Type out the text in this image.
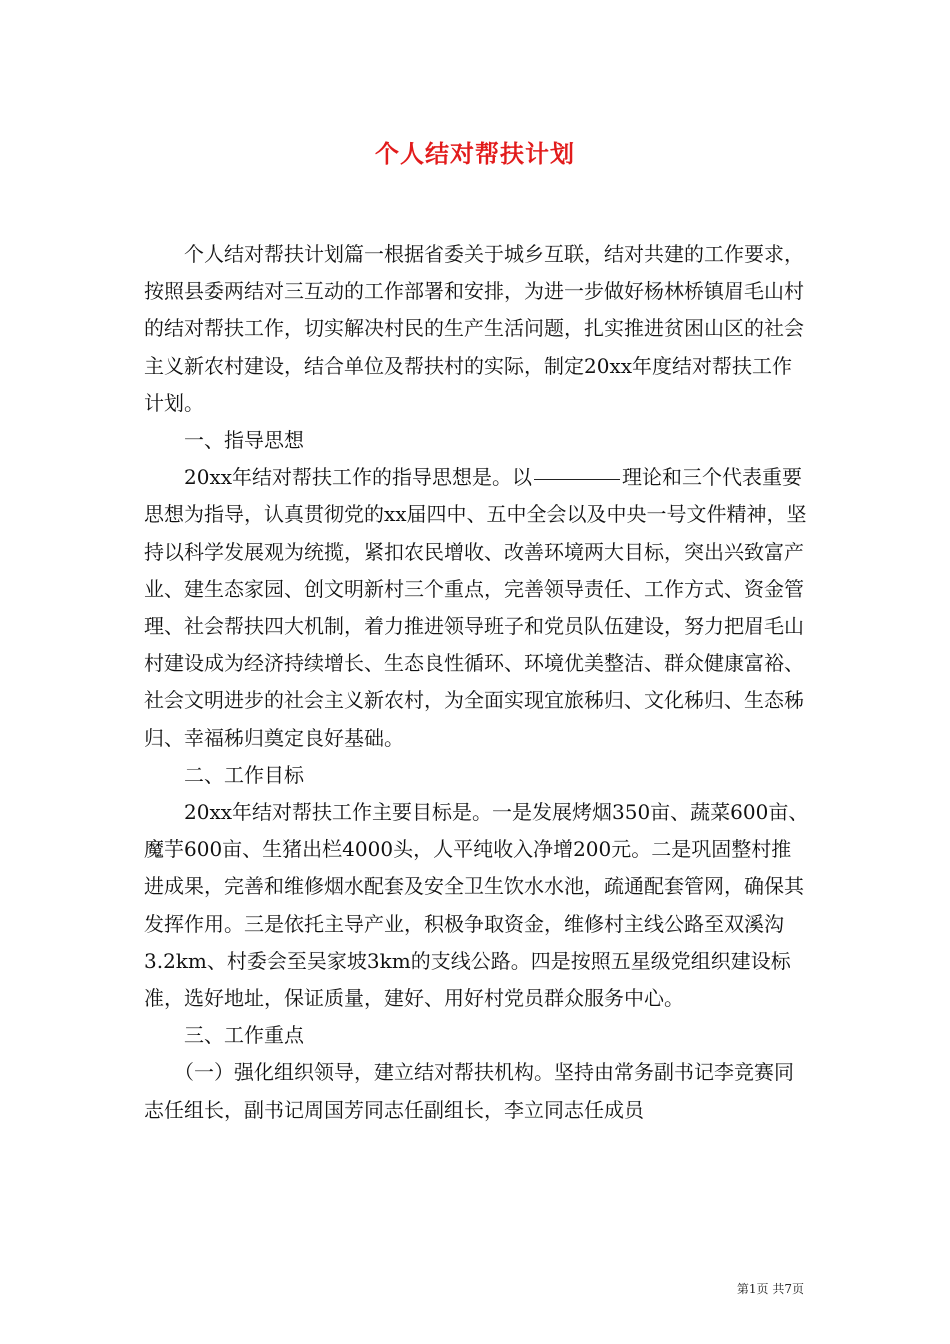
个人结对帮扶计划

个人结对帮扶计划篇一根据省委关于城乡互联，结对共建的工作要求，按照县委两结对三互动的工作部署和安排，为进一步做好杨林桥镇眉毛山村的结对帮扶工作，切实解决村民的生产生活问题，扎实推进贫困山区的社会主义新农村建设，结合单位及帮扶村的实际，制定20xx年度结对帮扶工作计划。

一、指导思想

20xx年结对帮扶工作的指导思想是。以	理论和三个代表重要思想为指导，认真贯彻党的xx届四中、五中全会以及中央一号文件精神，坚持以科学发展观为统揽，紧扣农民增收、改善环境两大目标，突出兴致富产业、建生态家园、创文明新村三个重点，完善领导责任、工作方式、资金管理、社会帮扶四大机制，着力推进领导班子和党员队伍建设，努力把眉毛山村建设成为经济持续增长、生态良性循环、环境优美整洁、群众健康富裕、社会文明进步的社会主义新农村，为全面实现宜旅秭归、文化秭归、生态秭归、幸福秭归奠定良好基础。

二、工作目标

20xx年结对帮扶工作主要目标是。一是发展烤烟350亩、蔬菜600亩、魔芋600亩、生猪出栏4000头，人平纯收入净增200元。二是巩固整村推进成果，完善和维修烟水配套及安全卫生饮水水池，疏通配套管网，确保其发挥作用。三是依托主导产业，积极争取资金，维修村主线公路至双溪沟3.2km、村委会至吴家坡3km的支线公路。四是按照五星级党组织建设标准，选好地址，保证质量，建好、用好村党员群众服务中心。

三、工作重点

（一）强化组织领导，建立结对帮扶机构。坚持由常务副书记李竞赛同志任组长，副书记周国芳同志任副组长，李立同志任成员

第1页 共7页
